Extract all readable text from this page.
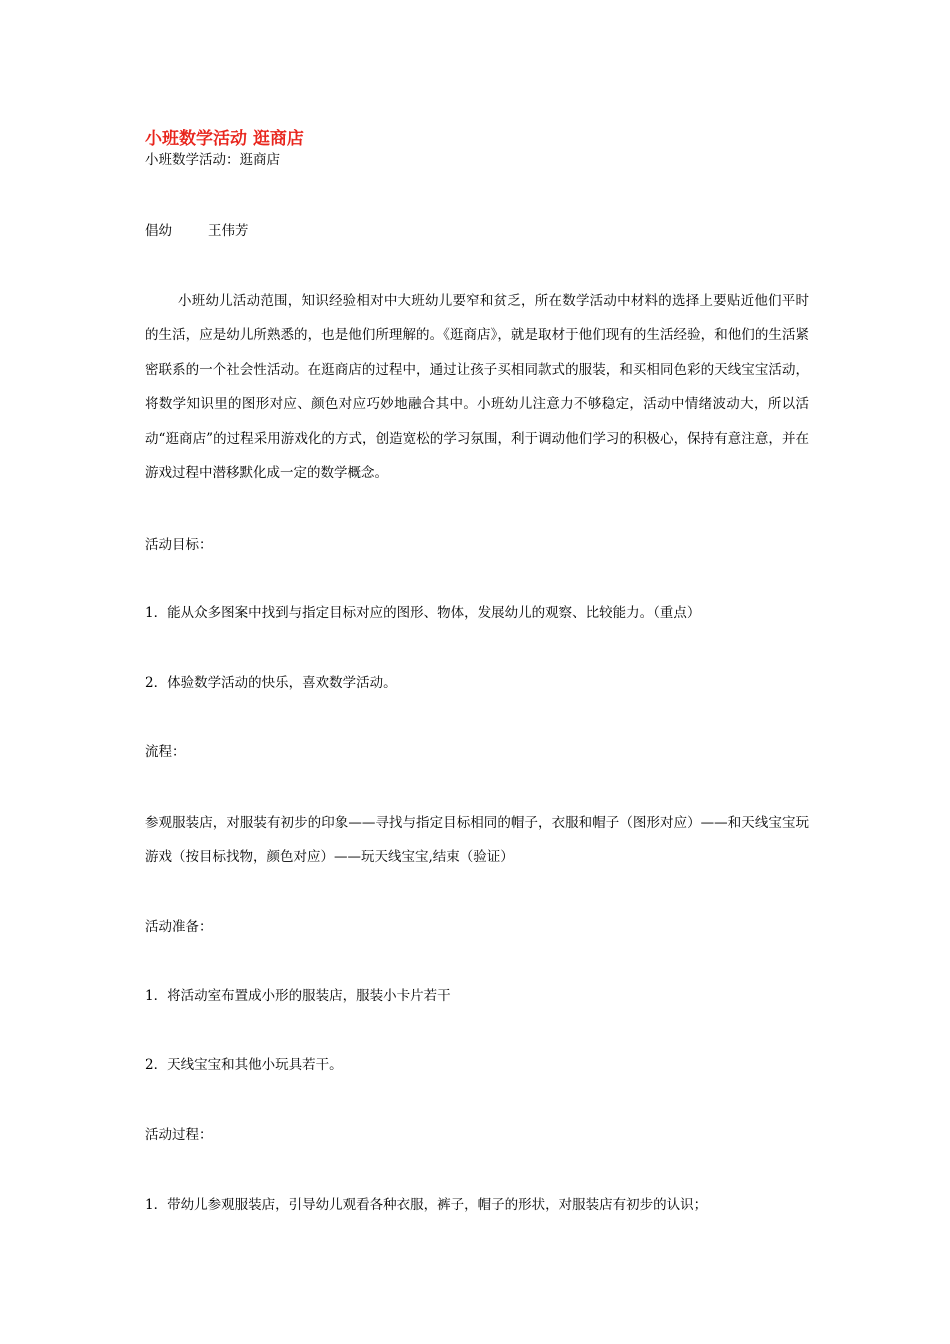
小班数学活动 逛商店
小班数学活动：逛商店
倡幼	王伟芳
小班幼儿活动范围，知识经验相对中大班幼儿要窄和贫乏，所在数学活动中材料的选择上要贴近他们平时的生活，应是幼儿所熟悉的，也是他们所理解的。《逛商店》，就是取材于他们现有的生活经验，和他们的生活紧密联系的一个社会性活动。在逛商店的过程中，通过让孩子买相同款式的服装，和买相同色彩的天线宝宝活动，将数学知识里的图形对应、颜色对应巧妙地融合其中。小班幼儿注意力不够稳定，活动中情绪波动大，所以活动“逛商店”的过程采用游戏化的方式，创造宽松的学习氛围，利于调动他们学习的积极心，保持有意注意，并在游戏过程中潜移默化成一定的数学概念。
活动目标：
1．能从众多图案中找到与指定目标对应的图形、物体，发展幼儿的观察、比较能力。（重点）
2．体验数学活动的快乐，喜欢数学活动。
流程：
参观服装店，对服装有初步的印象——寻找与指定目标相同的帽子，衣服和帽子（图形对应）——和天线宝宝玩游戏（按目标找物，颜色对应）——玩天线宝宝,结束（验证）
活动准备：
1．将活动室布置成小形的服装店，服装小卡片若干
2．天线宝宝和其他小玩具若干。
活动过程：
1．带幼儿参观服装店，引导幼儿观看各种衣服，裤子，帽子的形状，对服装店有初步的认识；
